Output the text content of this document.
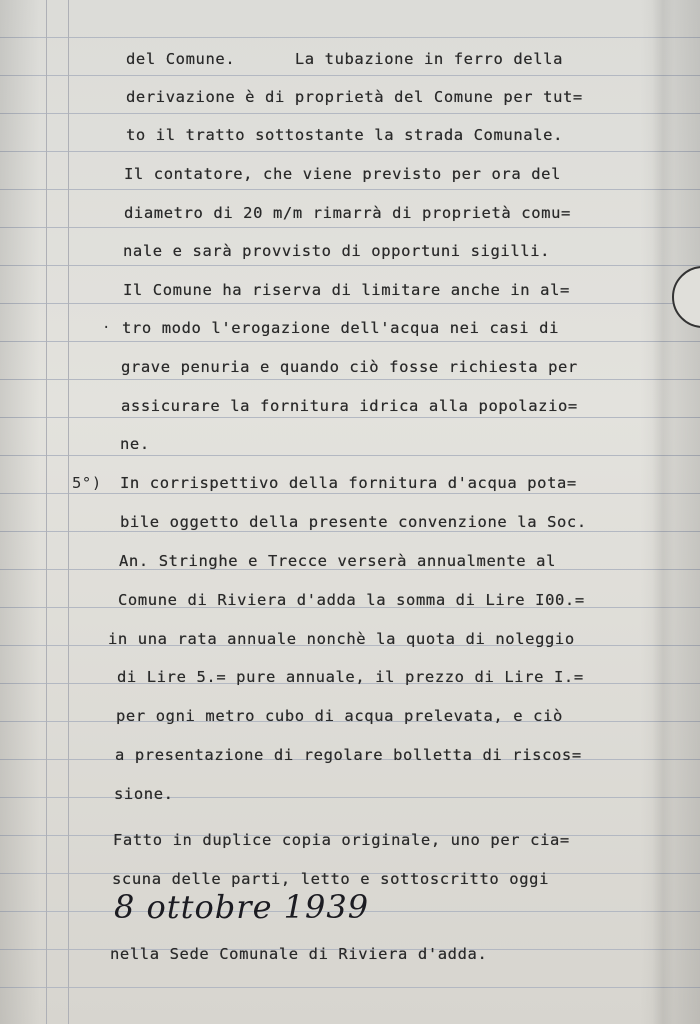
del Comune.      La tubazione in ferro della
derivazione è di proprietà del Comune per tut=
to il tratto sottostante la strada Comunale.
Il contatore, che viene previsto per ora del
diametro di 20 m/m rimarrà di proprietà comu=
nale e sarà provvisto di opportuni sigilli.
Il Comune ha riserva di limitare anche in al=
. tro modo l'erogazione dell'acqua nei casi di
grave penuria e quando ciò fosse richiesta per
assicurare la fornitura idrica alla popolazio=
ne.
5°) In corrispettivo della fornitura d'acqua pota=
bile oggetto della presente convenzione la Soc.
An. Stringhe e Trecce verserà annualmente al
Comune di Riviera d'adda la somma di Lire I00.=
in una rata annuale nonchè la quota di noleggio
di Lire 5.= pure annuale, il prezzo di Lire I.=
per ogni metro cubo di acqua prelevata, e ciò
a presentazione di regolare bolletta di riscos=
sione.
Fatto in duplice copia originale, uno per cia=
scuna delle parti, letto e sottoscritto oggi
8 ottobre 1939
nella Sede Comunale di Riviera d'adda.
